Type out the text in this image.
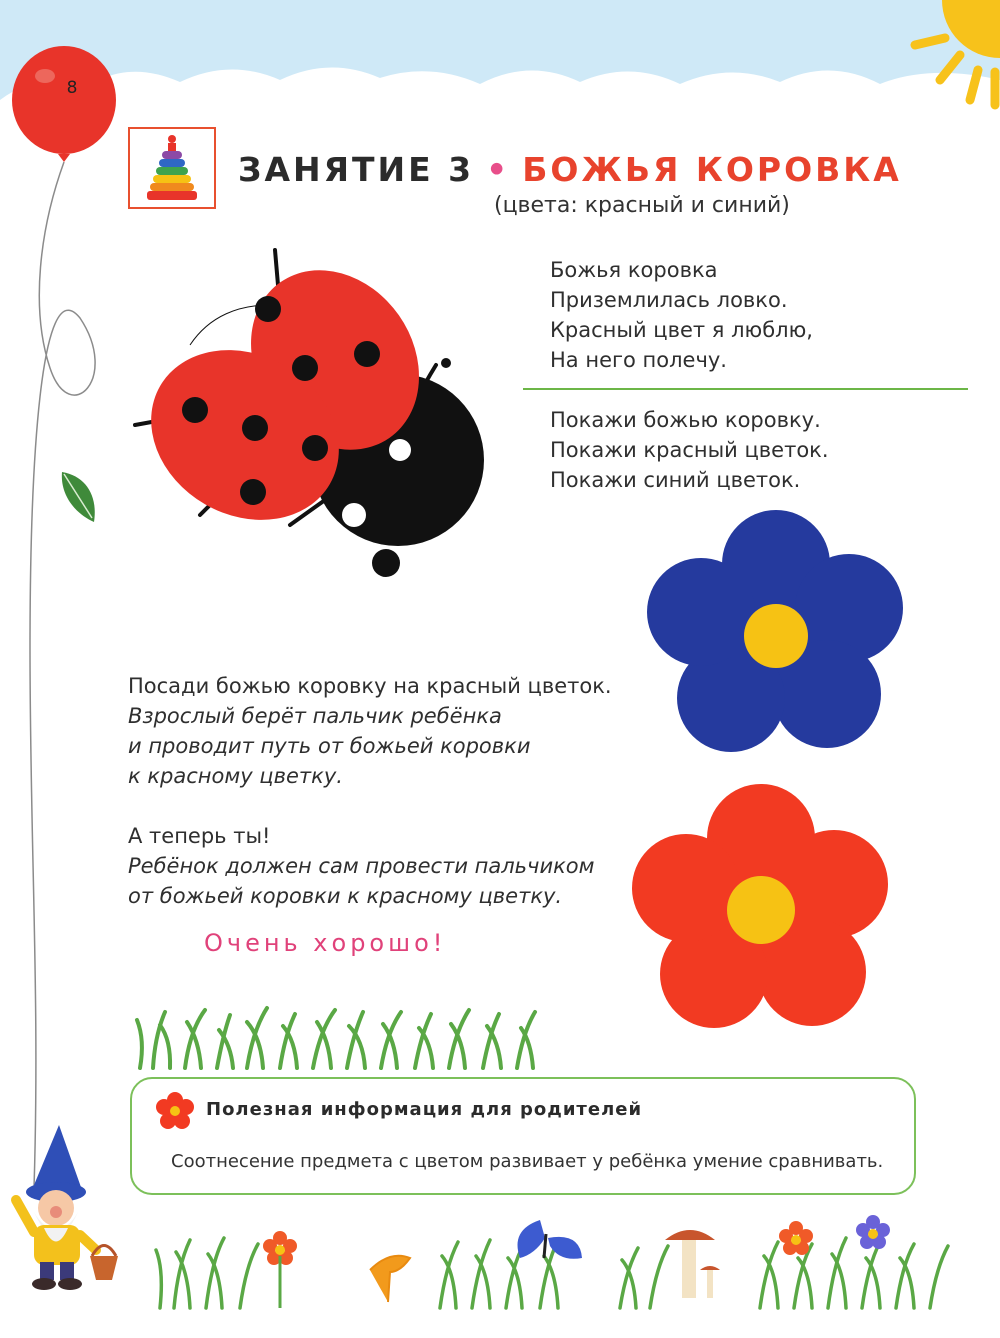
8
ЗАНЯТИЕ 3 • БОЖЬЯ КОРОВКА
(цвета: красный и синий)
Божья коровка
Приземлилась ловко.
Красный цвет я люблю,
На него полечу.
Покажи божью коровку.
Покажи красный цветок.
Покажи синий цветок.
Посади божью коровку на красный цветок.
Взрослый берёт пальчик ребёнка
и проводит путь от божьей коровки
к красному цветку.
А теперь ты!
Ребёнок должен сам провести пальчиком
от божьей коровки к красному цветку.
Очень хорошо!
Полезная информация для родителей
Соотнесение предмета с цветом развивает у ребёнка умение сравнивать.
